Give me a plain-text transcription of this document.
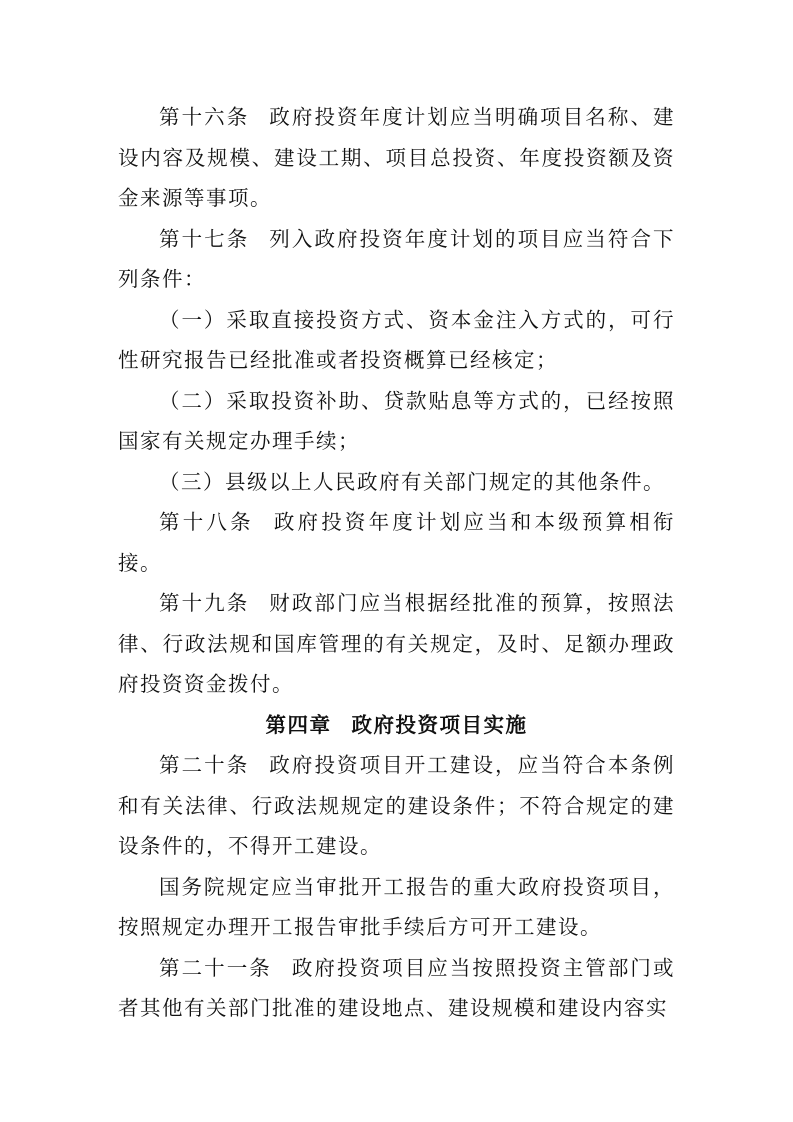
第十六条 政府投资年度计划应当明确项目名称、建设内容及规模、建设工期、项目总投资、年度投资额及资金来源等事项。

第十七条 列入政府投资年度计划的项目应当符合下列条件：

（一）采取直接投资方式、资本金注入方式的，可行性研究报告已经批准或者投资概算已经核定；

（二）采取投资补助、贷款贴息等方式的，已经按照国家有关规定办理手续；

（三）县级以上人民政府有关部门规定的其他条件。

第十八条 政府投资年度计划应当和本级预算相衔接。

第十九条 财政部门应当根据经批准的预算，按照法律、行政法规和国库管理的有关规定，及时、足额办理政府投资资金拨付。

第四章 政府投资项目实施

第二十条 政府投资项目开工建设，应当符合本条例和有关法律、行政法规规定的建设条件；不符合规定的建设条件的，不得开工建设。

国务院规定应当审批开工报告的重大政府投资项目，按照规定办理开工报告审批手续后方可开工建设。

第二十一条 政府投资项目应当按照投资主管部门或者其他有关部门批准的建设地点、建设规模和建设内容实
